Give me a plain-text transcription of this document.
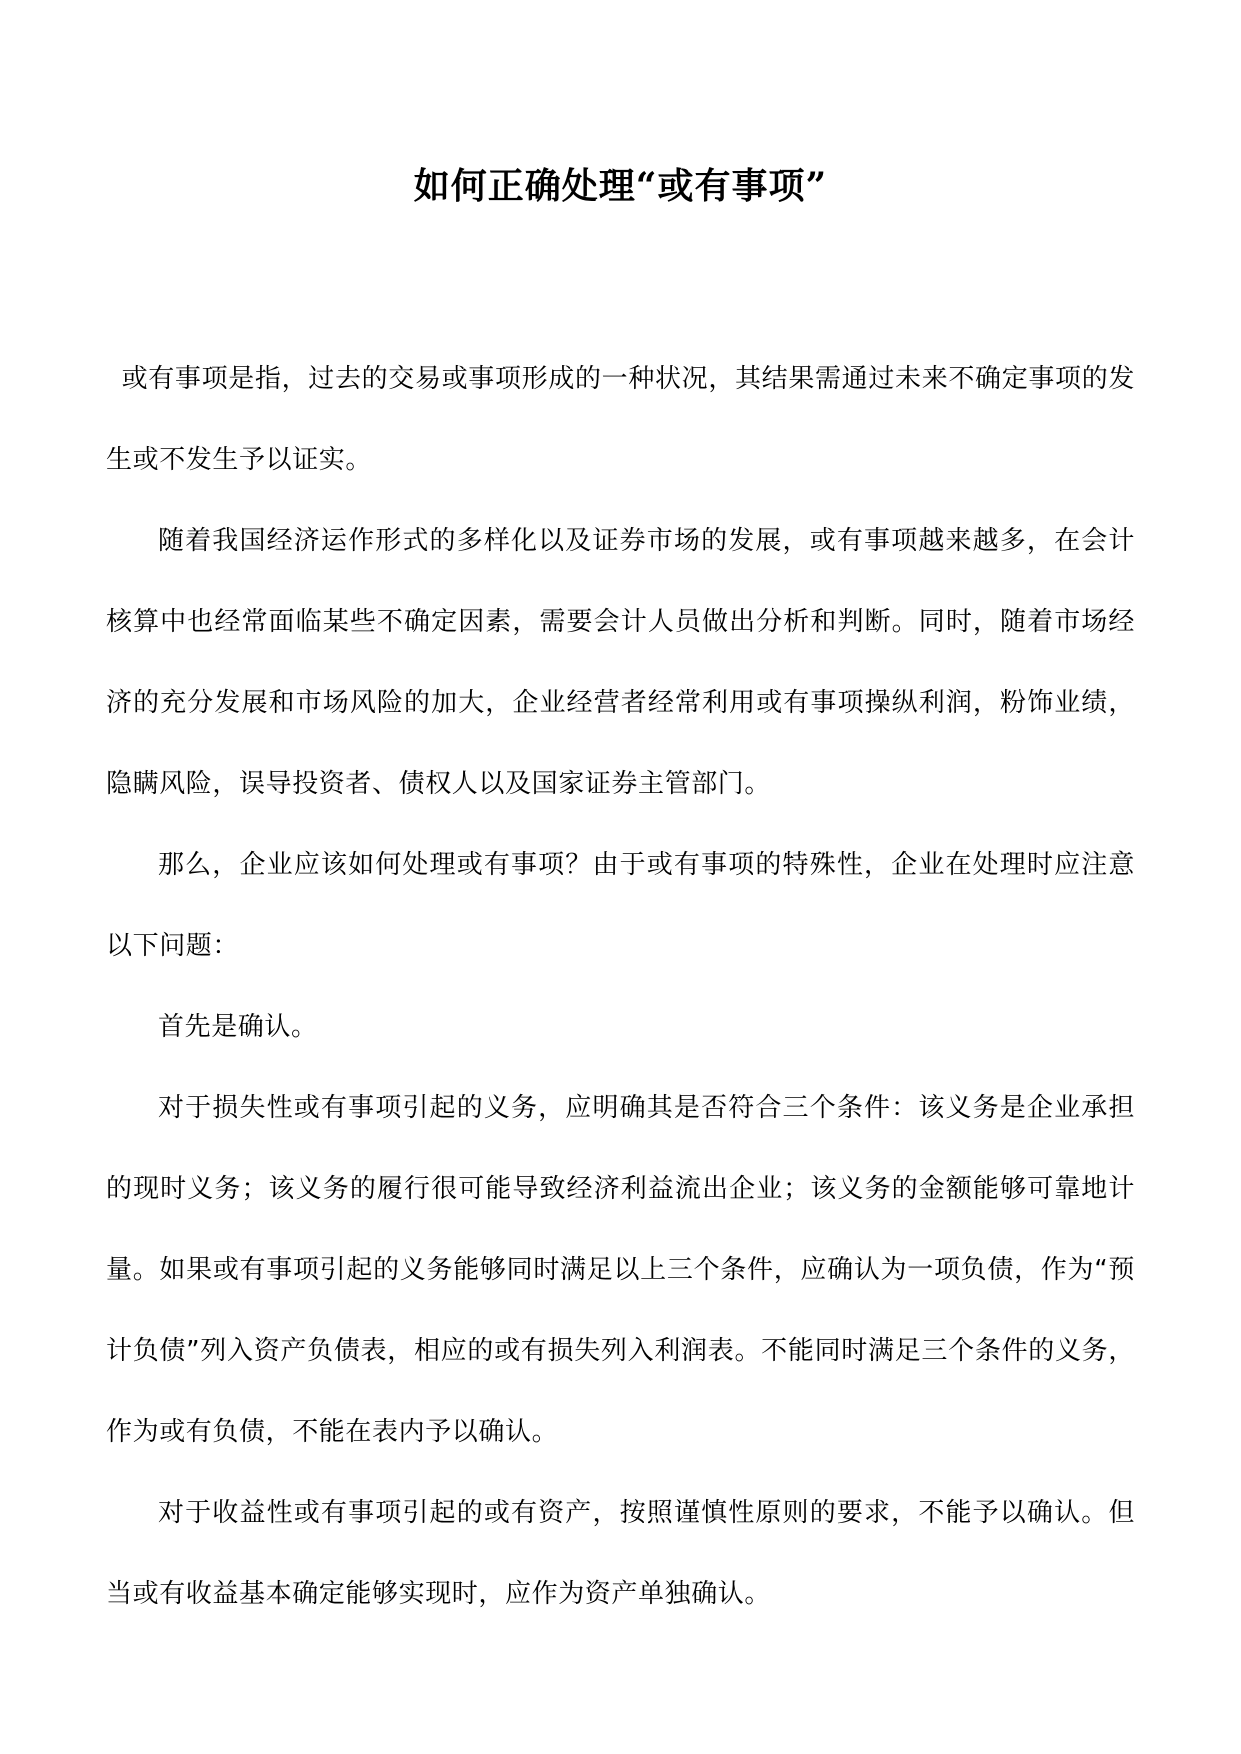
如何正确处理“或有事项”

或有事项是指，过去的交易或事项形成的一种状况，其结果需通过未来不确定事项的发生或不发生予以证实。

随着我国经济运作形式的多样化以及证券市场的发展，或有事项越来越多，在会计核算中也经常面临某些不确定因素，需要会计人员做出分析和判断。同时，随着市场经济的充分发展和市场风险的加大，企业经营者经常利用或有事项操纵利润，粉饰业绩，隐瞒风险，误导投资者、债权人以及国家证券主管部门。

那么，企业应该如何处理或有事项？由于或有事项的特殊性，企业在处理时应注意以下问题：

首先是确认。

对于损失性或有事项引起的义务，应明确其是否符合三个条件：该义务是企业承担的现时义务；该义务的履行很可能导致经济利益流出企业；该义务的金额能够可靠地计量。如果或有事项引起的义务能够同时满足以上三个条件，应确认为一项负债，作为“预计负债”列入资产负债表，相应的或有损失列入利润表。不能同时满足三个条件的义务，作为或有负债，不能在表内予以确认。

对于收益性或有事项引起的或有资产，按照谨慎性原则的要求，不能予以确认。但当或有收益基本确定能够实现时，应作为资产单独确认。
